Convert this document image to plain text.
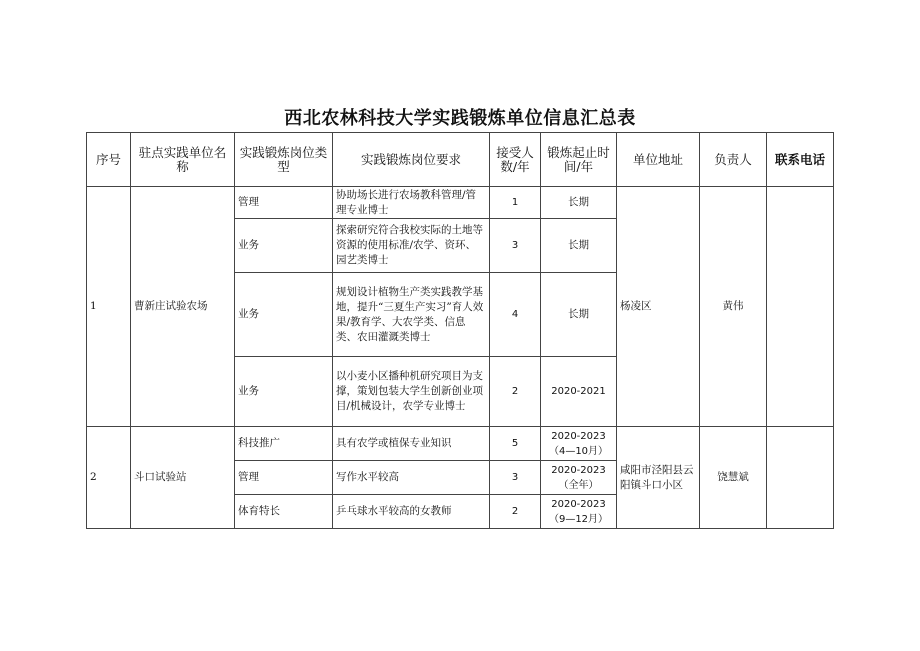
西北农林科技大学实践锻炼单位信息汇总表
序号	驻点实践单位名称	实践锻炼岗位类型	实践锻炼岗位要求	接受人数/年	锻炼起止时间/年	单位地址	负责人	联系电话
1	曹新庄试验农场	管理	协助场长进行农场教科管理/管理专业博士	1	长期	杨凌区	黄伟	
		业务	探索研究符合我校实际的土地等资源的使用标准/农学、资环、园艺类博士	3	长期			
		业务	规划设计植物生产类实践教学基地，提升“三夏生产实习”育人效果/教育学、大农学类、信息类、农田灌溉类博士	4	长期			
		业务	以小麦小区播种机研究项目为支撑，策划包装大学生创新创业项目/机械设计，农学专业博士	2	2020-2021			
2	斗口试验站	科技推广	具有农学或植保专业知识	5	2020-2023（4—10月）	咸阳市泾阳县云阳镇斗口小区	饶慧斌	
		管理	写作水平较高	3	2020-2023（全年）			
		体育特长	乒乓球水平较高的女教师	2	2020-2023（9—12月）			
